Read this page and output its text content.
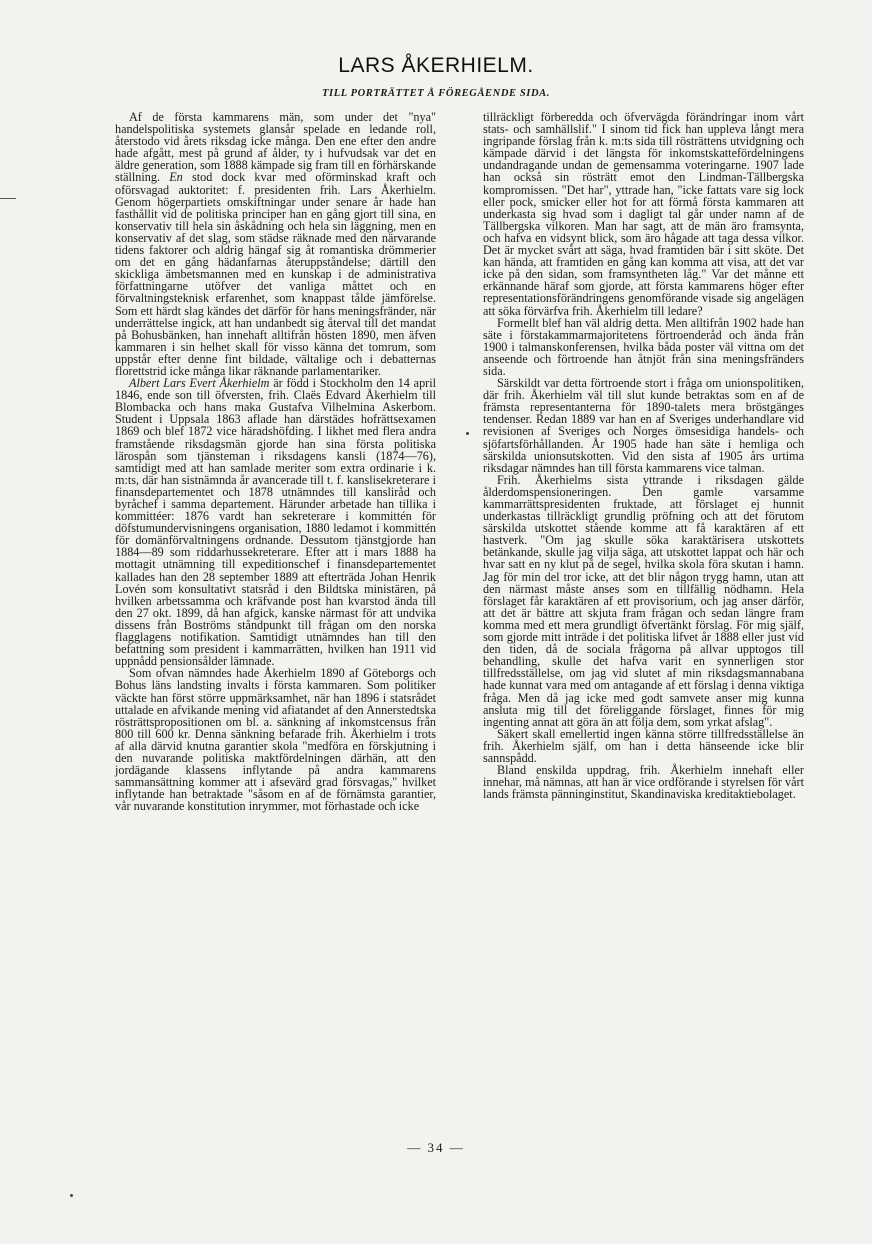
LARS ÅKERHIELM.
TILL PORTRÄTTET Å FÖREGÅENDE SIDA.

Af de första kammarens män, som under det "nya" handelspolitiska systemets glansår spelade en ledande roll, återstodo vid årets riksdag icke många. Den ene efter den andre hade afgått, mest på grund af ålder, ty i hufvudsak var det en äldre generation, som 1888 kämpade sig fram till en förhärskande ställning. En stod dock kvar med oförminskad kraft och oförsvagad auktoritet: f. presidenten frih. Lars Åkerhielm. Genom högerpartiets omskiftningar under senare år hade han fasthållit vid de politiska principer han en gång gjort till sina, en konservativ till hela sin åskådning och hela sin läggning, men en konservativ af det slag, som städse räknade med den närvarande tidens faktorer och aldrig hängaf sig åt romantiska drömmerier om det en gång hädanfarnas återuppståndelse; därtill den skickliga ämbetsmannen med en kunskap i de administrativa författningarne utöfver det vanliga måttet och en förvaltningsteknisk erfarenhet, som knappast tålde jämförelse. Som ett härdt slag kändes det därför för hans meningsfränder, när underrättelse ingick, att han undanbedt sig återval till det mandat på Bohusbänken, han innehaft alltifrån hösten 1890, men äfven kammaren i sin helhet skall för visso känna det tomrum, som uppstår efter denne fint bildade, vältalige och i debatternas florettstrid icke många likar räknande parlamentariker.

Albert Lars Evert Åkerhielm är född i Stockholm den 14 april 1846, ende son till öfversten, frih. Claës Edvard Åkerhielm till Blombacka och hans maka Gustafva Vilhelmina Askerbom. Student i Uppsala 1863 aflade han därstädes hofrättsexamen 1869 och blef 1872 vice häradshöfding. I likhet med flera andra framstående riksdagsmän gjorde han sina första politiska lärospån som tjänsteman i riksdagens kansli (1874—76), samtidigt med att han samlade meriter som extra ordinarie i k. m:ts, där han sistnämnda år avancerade till t. f. kanslisekreterare i finansdepartementet och 1878 utnämndes till kansliråd och byråchef i samma departement. Härunder arbetade han tillika i kommittéer: 1876 vardt han sekreterare i kommittén för döfstumundervisningens organisation, 1880 ledamot i kommittén för domänförvaltningens ordnande. Dessutom tjänstgjorde han 1884—89 som riddarhussekreterare. Efter att i mars 1888 ha mottagit utnämning till expeditionschef i finansdepartementet kallades han den 28 september 1889 att efterträda Johan Henrik Lovén som konsultativt statsråd i den Bildtska ministären, på hvilken arbetssamma och kräfvande post han kvarstod ända till den 27 okt. 1899, då han afgick, kanske närmast för att undvika dissens från Boströms ståndpunkt till frågan om den norska flagglagens notifikation. Samtidigt utnämndes han till den befattning som president i kammarrätten, hvilken han 1911 vid uppnådd pensionsålder lämnade.

Som ofvan nämndes hade Åkerhielm 1890 af Göteborgs och Bohus läns landsting invalts i första kammaren. Som politiker väckte han först större uppmärksamhet, när han 1896 i statsrådet uttalade en afvikande mening vid afiatandet af den Annerstedtska rösträttspropositionen om bl. a. sänkning af inkomstcensus från 800 till 600 kr. Denna sänkning befarade frih. Åkerhielm i trots af alla därvid knutna garantier skola "medföra en förskjutning i den nuvarande politiska maktfördelningen därhän, att den jordägande klassens inflytande på andra kammarens sammansättning kommer att i afsevärd grad försvagas," hvilket inflytande han betraktade "såsom en af de förnämsta garantier, vår nuvarande konstitution inrymmer, mot förhastade och icke

tillräckligt förberedda och öfvervägda förändringar inom vårt stats- och samhällslif." I sinom tid fick han uppleva långt mera ingripande förslag från k. m:ts sida till rösträttens utvidgning och kämpade därvid i det längsta för inkomstskattefördelningens undandragande undan de gemensamma voteringarne. 1907 lade han också sin rösträtt emot den Lindman-Tällbergska kompromissen. "Det har", yttrade han, "icke fattats vare sig lock eller pock, smicker eller hot for att förmå första kammaren att underkasta sig hvad som i dagligt tal går under namn af de Tällbergska vilkoren. Man har sagt, att de män äro framsynta, och hafva en vidsynt blick, som äro hågade att taga dessa vilkor. Det är mycket svårt att säga, hvad framtiden bär i sitt sköte. Det kan hända, att framtiden en gång kan komma att visa, att det var icke på den sidan, som framsyntheten låg." Var det månne ett erkännande häraf som gjorde, att första kammarens höger efter representationsförändringens genomförande visade sig angelägen att söka förvärfva frih. Åkerhielm till ledare?

Formellt blef han väl aldrig detta. Men alltifrån 1902 hade han säte i förstakammarmajoritetens förtroenderåd och ända från 1900 i talmanskonferensen, hvilka båda poster väl vittna om det anseende och förtroende han åtnjöt från sina meningsfränders sida.

Särskildt var detta förtroende stort i fråga om unionspolitiken, där frih. Åkerhielm väl till slut kunde betraktas som en af de främsta representanterna för 1890-talets mera bröstgänges tendenser. Redan 1889 var han en af Sveriges underhandlare vid revisionen af Sveriges och Norges ömsesidiga handels- och sjöfartsförhållanden. År 1905 hade han säte i hemliga och särskilda unionsutskotten. Vid den sista af 1905 års urtima riksdagar nämndes han till första kammarens vice talman.

Frih. Åkerhielms sista yttrande i riksdagen gälde ålderdomspensioneringen. Den gamle varsamme kammarrättspresidenten fruktade, att förslaget ej hunnit underkastas tillräckligt grundlig pröfning och att det förutom särskilda utskottet stående komme att få karaktären af ett hastverk. "Om jag skulle söka karaktärisera utskottets betänkande, skulle jag vilja säga, att utskottet lappat och här och hvar satt en ny klut på de segel, hvilka skola föra skutan i hamn. Jag för min del tror icke, att det blir någon trygg hamn, utan att den närmast måste anses som en tillfällig nödhamn. Hela förslaget får karaktären af ett provisorium, och jag anser därför, att det är bättre att skjuta fram frågan och sedan längre fram komma med ett mera grundligt öfvertänkt förslag. För mig själf, som gjorde mitt inträde i det politiska lifvet år 1888 eller just vid den tiden, då de sociala frågorna på allvar upptogos till behandling, skulle det hafva varit en synnerligen stor tillfredsställelse, om jag vid slutet af min riksdagsmannabana hade kunnat vara med om antagande af ett förslag i denna viktiga fråga. Men då jag icke med godt samvete anser mig kunna ansluta mig till det föreliggande förslaget, finnes för mig ingenting annat att göra än att följa dem, som yrkat afslag".

Säkert skall emellertid ingen känna större tillfredsställelse än frih. Åkerhielm själf, om han i detta hänseende icke blir sannspådd.

Bland enskilda uppdrag, frih. Åkerhielm innehaft eller innehar, må nämnas, att han är vice ordförande i styrelsen för vårt lands främsta pänninginstitut, Skandinaviska kreditaktiebolaget.

— 34 —
